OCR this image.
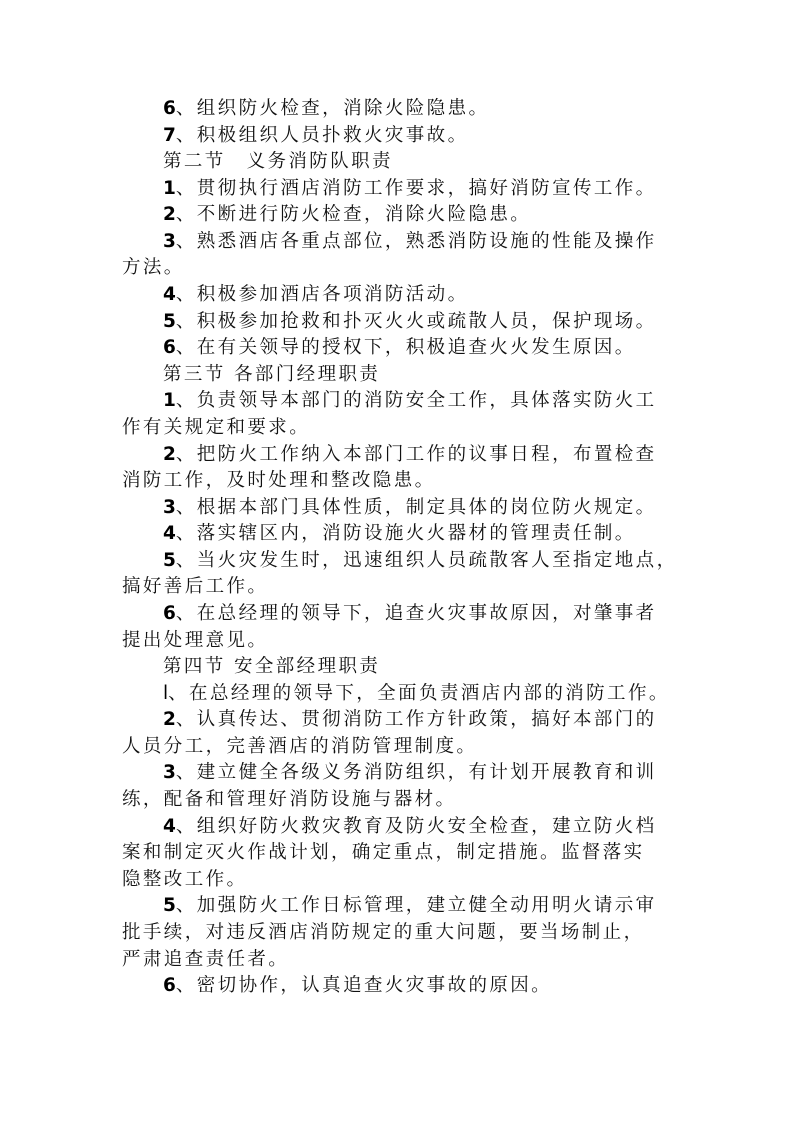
6、组织防火检查，消除火险隐患。
7、积极组织人员扑救火灾事故。
第二节　义务消防队职责
1、贯彻执行酒店消防工作要求，搞好消防宣传工作。
2、不断进行防火检查，消除火险隐患。
3、熟悉酒店各重点部位，熟悉消防设施的性能及操作
方法。
4、积极参加酒店各项消防活动。
5、积极参加抢救和扑灭火火或疏散人员，保护现场。
6、在有关领导的授权下，积极追查火火发生原因。
第三节 各部门经理职责
1、负责领导本部门的消防安全工作，具体落实防火工
作有关规定和要求。
2、把防火工作纳入本部门工作的议事日程，布置检查
消防工作，及时处理和整改隐患。
3、根据本部门具体性质，制定具体的岗位防火规定。
4、落实辖区内，消防设施火火器材的管理责任制。
5、当火灾发生时，迅速组织人员疏散客人至指定地点，
搞好善后工作。
6、在总经理的领导下，追查火灾事故原因，对肇事者
提出处理意见。
第四节 安全部经理职责
l、在总经理的领导下，全面负责酒店内部的消防工作。
2、认真传达、贯彻消防工作方针政策，搞好本部门的
人员分工，完善酒店的消防管理制度。
3、建立健全各级义务消防组织，有计划开展教育和训
练，配备和管理好消防设施与器材。
4、组织好防火救灾教育及防火安全检查，建立防火档
案和制定灭火作战计划，确定重点，制定措施。监督落实
隐整改工作。
5、加强防火工作日标管理，建立健全动用明火请示审
批手续，对违反酒店消防规定的重大问题，要当场制止，
严肃追查责任者。
6、密切协作，认真追查火灾事故的原因。
